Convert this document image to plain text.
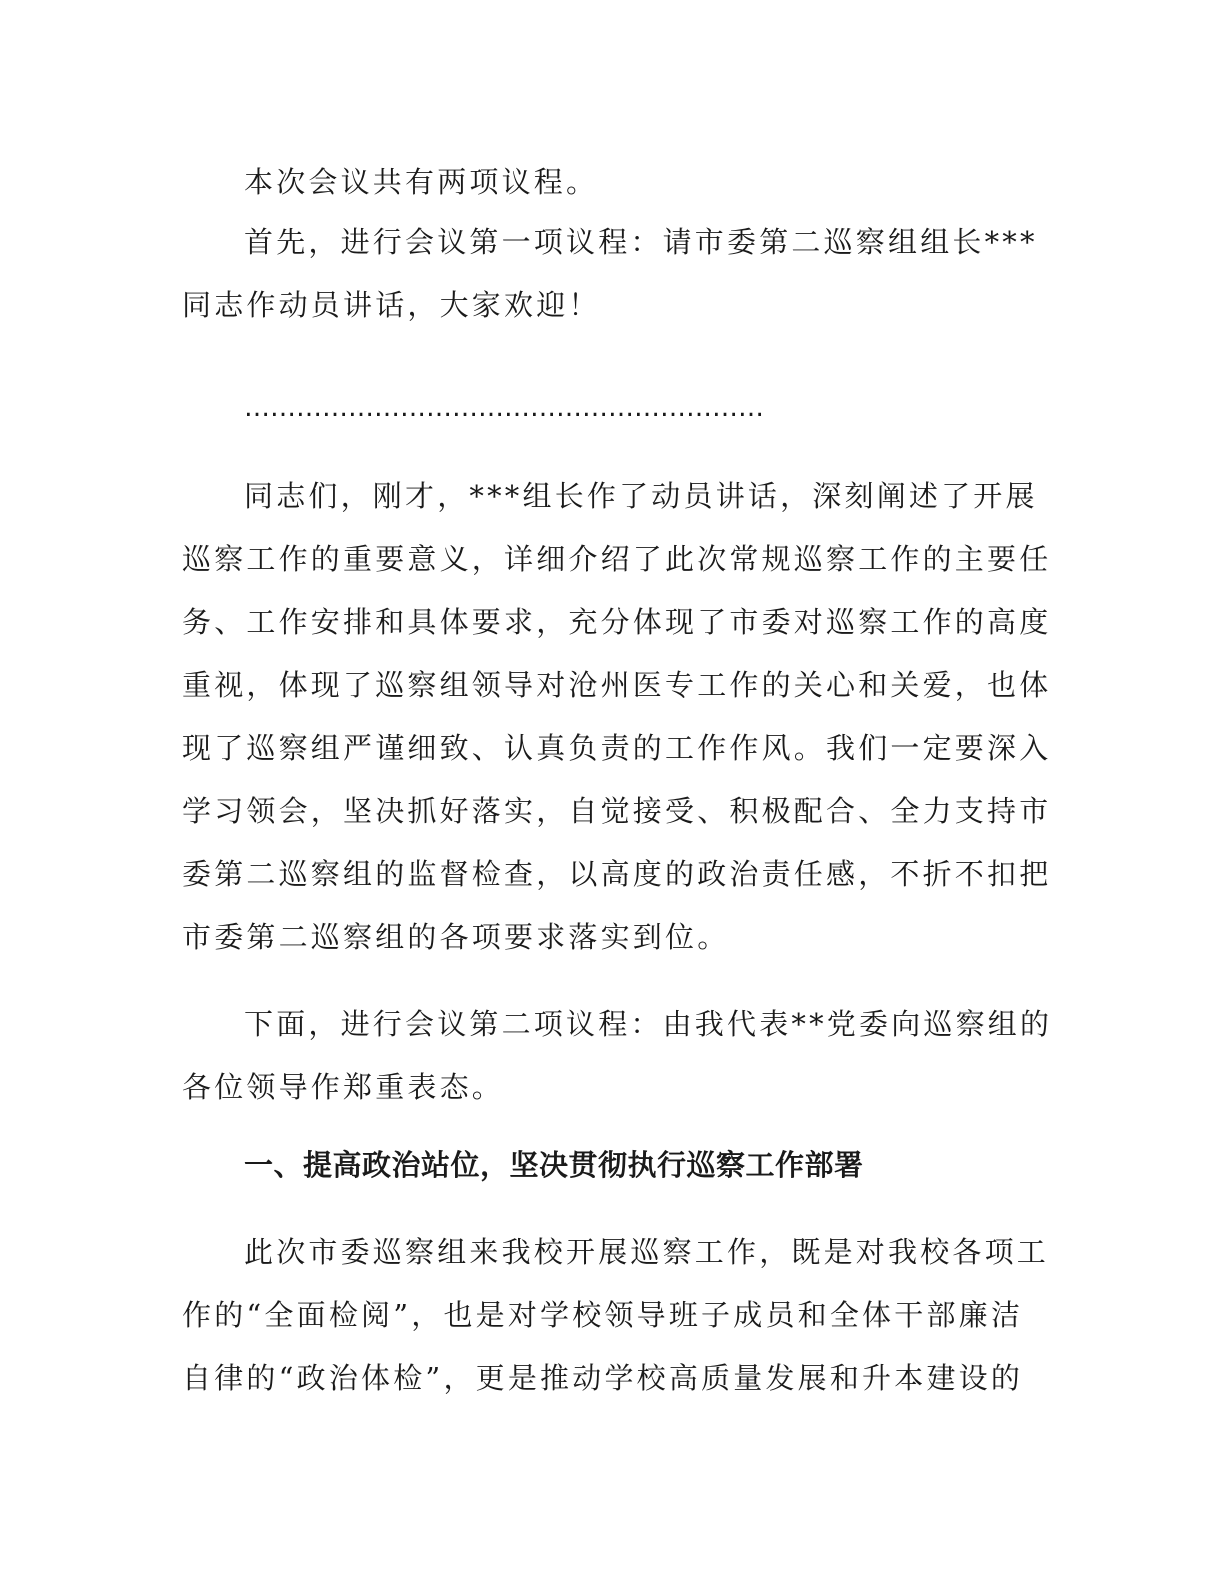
本次会议共有两项议程。
首先，进行会议第一项议程：请市委第二巡察组组长***
同志作动员讲话，大家欢迎！
……………………………………………………
同志们，刚才，***组长作了动员讲话，深刻阐述了开展
巡察工作的重要意义，详细介绍了此次常规巡察工作的主要任
务、工作安排和具体要求，充分体现了市委对巡察工作的高度
重视，体现了巡察组领导对沧州医专工作的关心和关爱，也体
现了巡察组严谨细致、认真负责的工作作风。我们一定要深入
学习领会，坚决抓好落实，自觉接受、积极配合、全力支持市
委第二巡察组的监督检查，以高度的政治责任感，不折不扣把
市委第二巡察组的各项要求落实到位。
下面，进行会议第二项议程：由我代表**党委向巡察组的
各位领导作郑重表态。
一、提高政治站位，坚决贯彻执行巡察工作部署
此次市委巡察组来我校开展巡察工作，既是对我校各项工
作的“全面检阅”，也是对学校领导班子成员和全体干部廉洁
自律的“政治体检”，更是推动学校高质量发展和升本建设的
